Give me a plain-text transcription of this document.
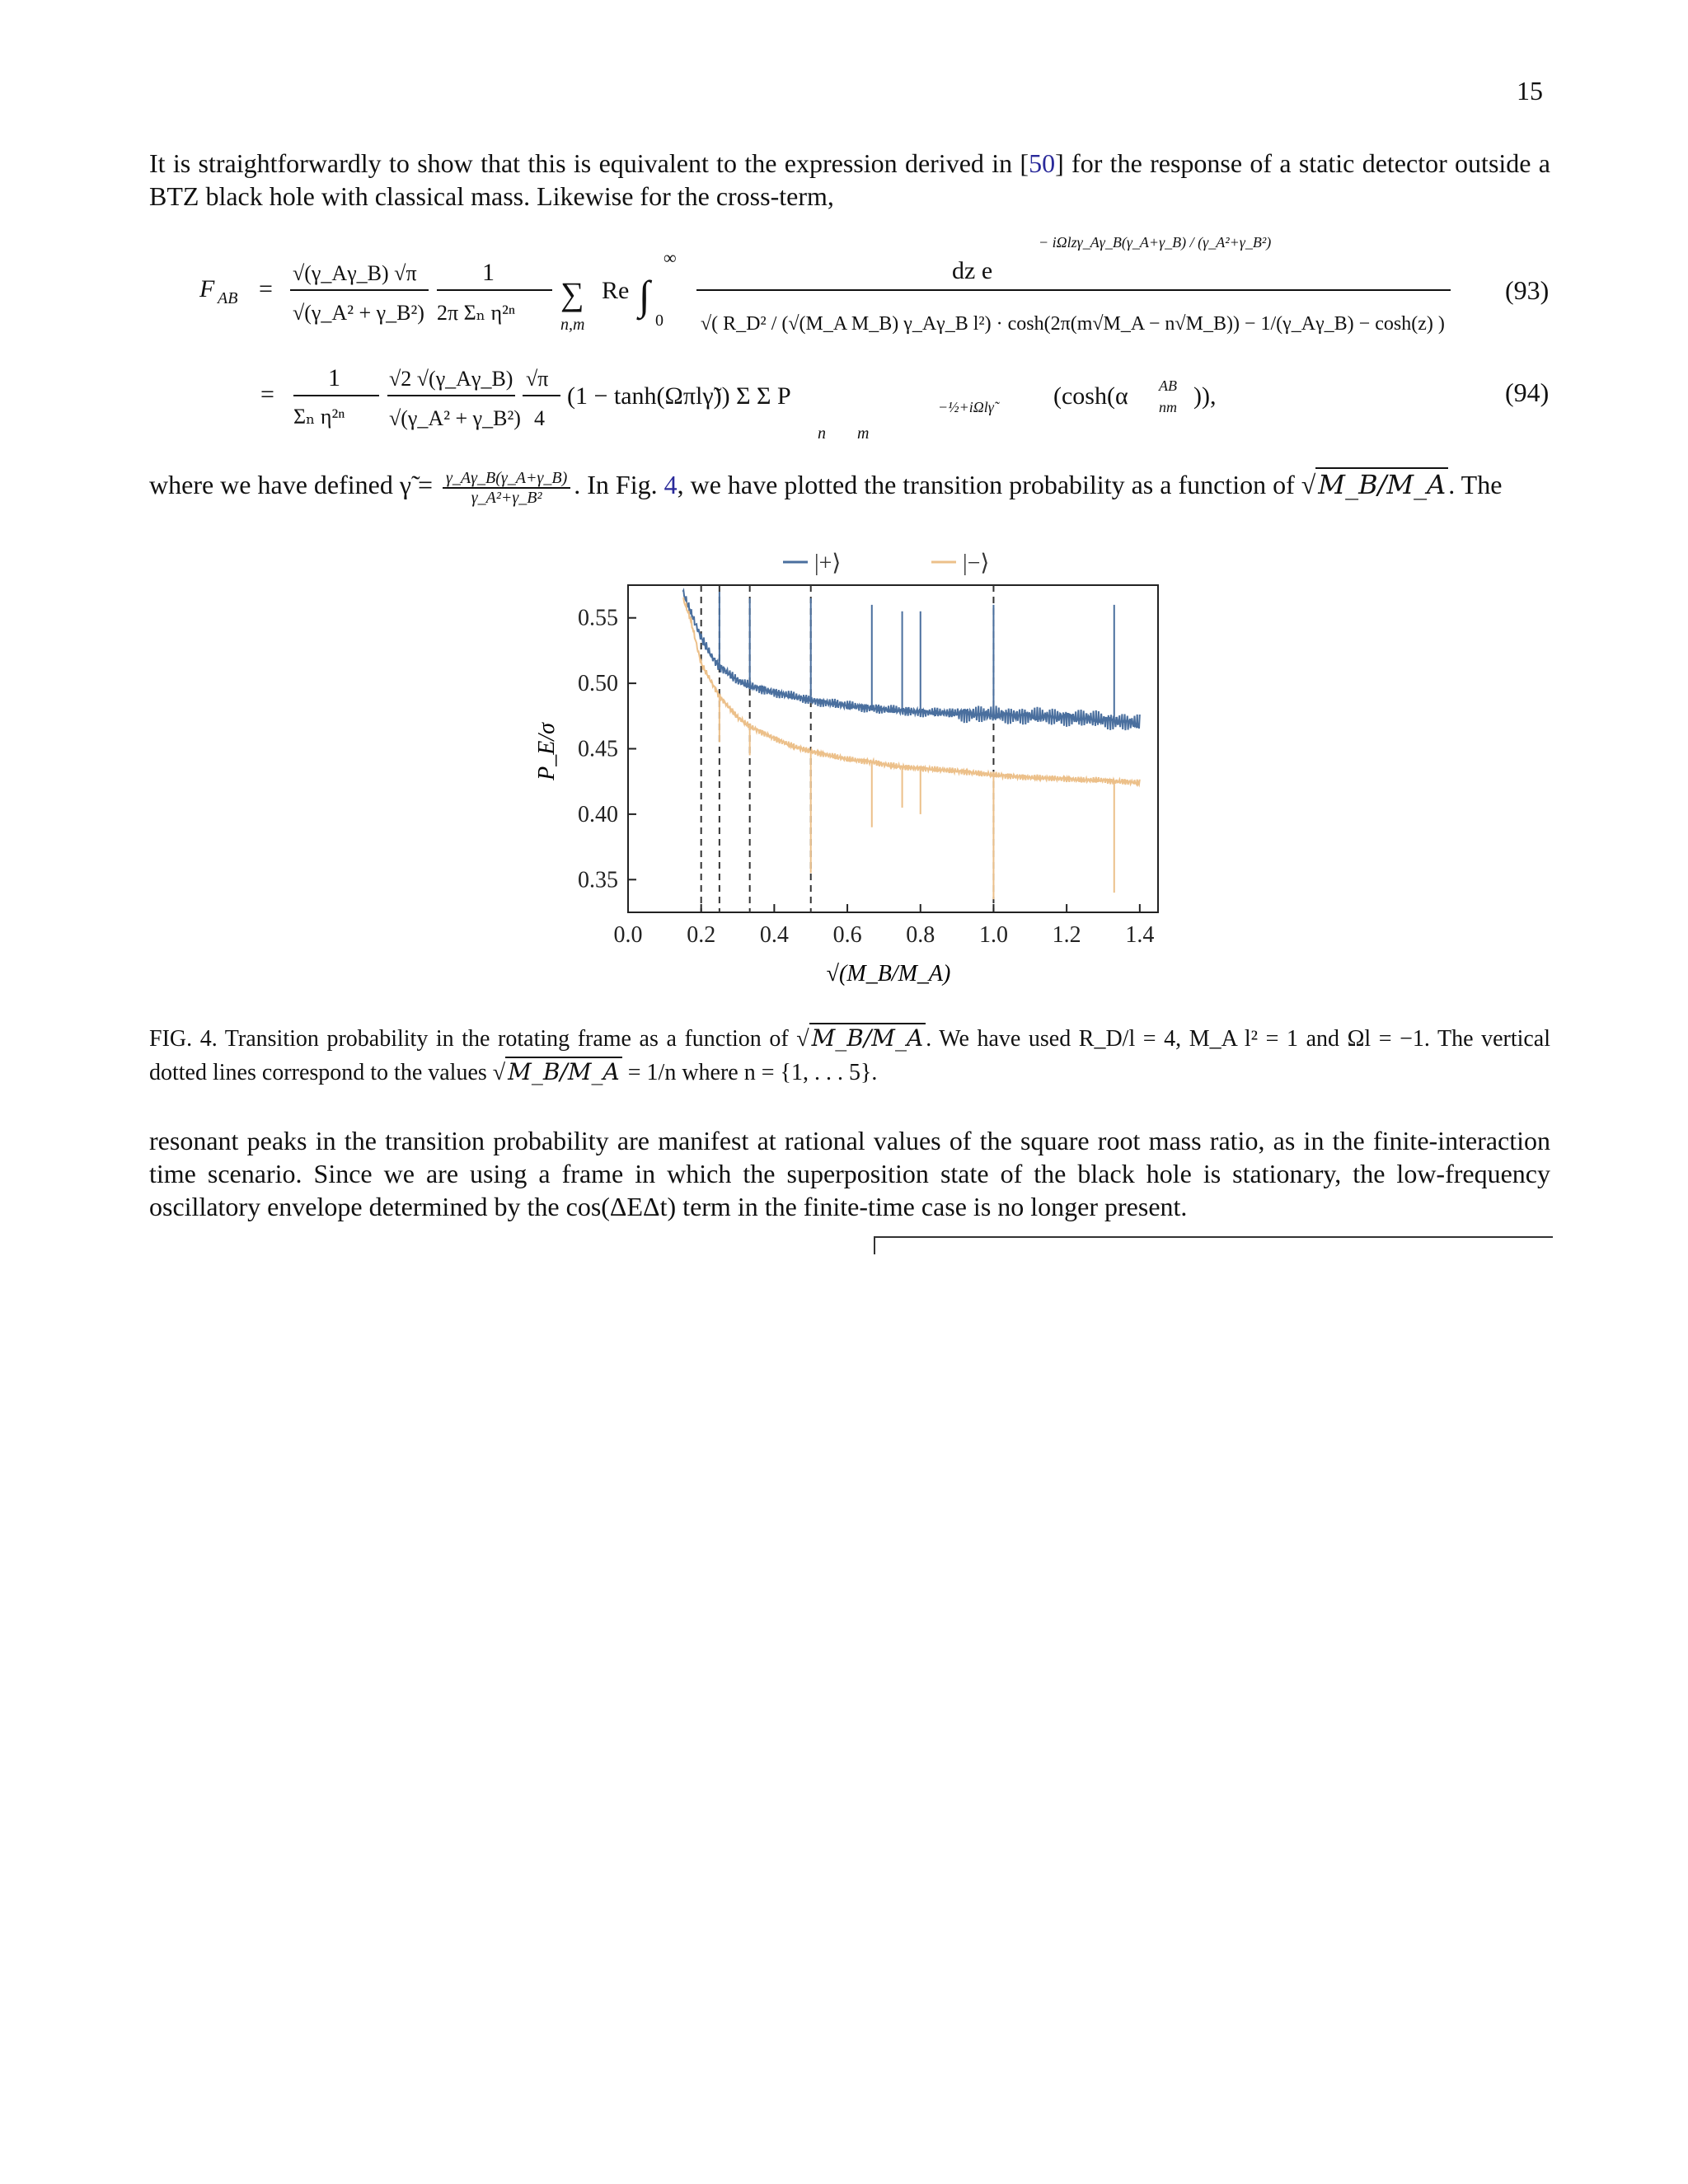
15
It is straightforwardly to show that this is equivalent to the expression derived in [50] for the response of a static detector outside a BTZ black hole with classical mass. Likewise for the cross-term,
F AB =
√(γ_Aγ_B) √π
√(γ_A² + γ_B²)
1
2π Σₙ η²ⁿ
∑
n,m
Re ∫
∞
0
dz e
− iΩlzγ_Aγ_B(γ_A+γ_B) / (γ_A²+γ_B²)
√( R_D² / (√(M_A M_B) γ_Aγ_B l²) · cosh(2π(m√M_A − n√M_B)) − 1/(γ_Aγ_B) − cosh(z) )
(93)
=
1
Σₙ η²ⁿ
√2 √(γ_Aγ_B)
√(γ_A² + γ_B²)
√π
4
(1 − tanh(Ωπlγ̃)) Σ Σ P
n m
−½+iΩlγ̃ (cosh(α AB
nm )),	(94)
where we have defined γ̃ = $\frac{\gamma\_A\gamma\_B(\gamma\_A+\gamma\_B)}{\text{γ\_A²+γ\_B²}}$ . In Fig. 4, we have plotted the transition probability as a function of √M_B/M_A. The
|+⟩	|−⟩
0.35
0.40
0.45
0.50
0.55
0.0 0.2 0.4 0.6 0.8 1.0 1.2 1.4
P_E/σ
√(M_B/M_A)
FIG. 4. Transition probability in the rotating frame as a function of √ M_B/M_A . We have used R_D/l = 4, M_A l² = 1 and Ωl = −1. The vertical dotted lines correspond to the values √ M_B/M_A = 1/n where n = {1, . . . 5}.
resonant peaks in the transition probability are manifest at rational values of the square root mass ratio, as in the finite-interaction time scenario. Since we are using a frame in which the superposition state of the black hole is stationary, the low-frequency oscillatory envelope determined by the cos(ΔEΔt) term in the finite-time case is no longer present.
